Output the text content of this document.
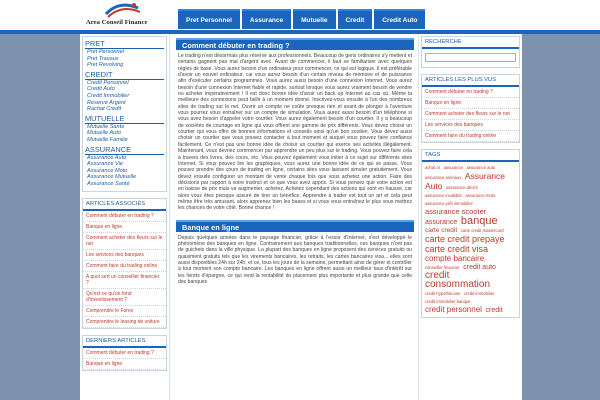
Area Conseil Finance	Pret Personnel	Assurance	Mutuelle	Credit	Credit Auto
PRET
Pret Personnel
Pret Travaux
Pret Revolving
CREDIT
Credit Personnel
Credit Auto
Credit Immobilier
Reserve Argent
Rachat Credit
MUTUELLE
Mutuelle Sante
Mutuelle Auto
Mutuelle Familie
ASSURANCE
Assurance Auto
Assurance Vie
Assurance Moto
Assurance Mutuelle
Assurance Santé
ARTICLES ASSOCIÉS
Comment débuter en trading ?
Banque en ligne
Comment acheter des fleurs sur le net
Les services des banques
Comment faire du trading online
A quoi sert un conseiller financier ?
Qu'est ce qu'un fond d'investissement ?
Comprendre le Forex
Comprendre le leasing de voiture
DERNIERS ARTICLES
Comment débuter en trading ?
Banque en ligne
Comment débuter en trading ?
Le trading n'est désormais plus réservé aux professionnels. Beaucoup de gens ordinaires s'y mettent et certains gagnent pas mal d'argent avec. Avant de commencer, il faut se familiariser avec quelques règles de base. Vous aurez besoin d'un ordinateur pour commencer, ce qui est logique. Il est préférable d'avoir un nouvel ordinateur, car vous aurez besoin d'un certain niveau de mémoire et de puissance afin d'exécuter certains programmes. Vous aurez aussi besoin d'une connexion Internet. Vous aurez besoin d'une connexion Internet fiable et rapide, surtout lorsque vous aurez vraiment besoin de vendre ou acheter impérativement ! Il est donc bonne idée d'avoir un back up Internet au cas où. Même la meilleure des connexions peut faillir à un moment donné. Inscrivez-vous ensuite à l'un des nombreux sites de trading sur le net. Ouvrir un compte ne coûte presque rien et avant de plonger à l'aventure vous pourrez vous entraîner sur un compte de simulation. Vous aurez aussi besoin d'un téléphone si vous avez besoin d'appeler votre courtier. Vous aurez également besoin d'un courtier. Il y a beaucoup de sociétés de courtage en ligne qui vous offrent une gamme de prix différents. Vous devez choisir un courtier qui vous offre de bonnes informations et conseils ainsi qu'un bon soutien. Vous devez aussi choisir un courtier que vous pouvez contacter à tout moment et auquel vous pouvez faire confiance facilement. Ce n'est pas une bonne idée de choisir un courtier qui exerce ses activités illégalement. Maintenant, vous devriez commencer par apprendre un peu plus sur le trading. Vous pouvez faire cela à travers des livres, des cours, etc. Vous pouvez également vous initier à ce sujet sur différents sites Internet. Si vous pouvez lire les graphiques, vous aurez une bonne idée de ce qui se passe. Vous pouvez prendre des cours de trading en ligne, certains sites vous laissent simuler gratuitement. Vous devez ensuite configurer un montant de vente chaque fois que vous achetez une action. Faire des décisions par rapport à votre instinct et ce que vous avez appris. Si vous pensez que votre action est en baisse de prix mais va augmenter, achetez. Achetez cependant des actions qui sont en hausse, car alors vous êtes presque assuré de tirer un bénéfice. Apprendre à trader est tout un art et cela peut même être très amusant, alors apprenez bien les bases et si vous vous entraînez le plus vous mettrez les chances de votre côté. Bonne chance !
Banque en ligne
Depuis quelques années dans le paysage financier, grâce à l'essor d'Internet, s'est développé le phénomène des banques en ligne. Contrairement aux banques traditionnelles, ces banques n'ont pas de guichets dans la ville physique. La plupart des banques en ligne proposent des services gratuits ou quasiment gratuits tels que les virements bancaires, les retraits, les cartes bancaires visa... elles sont aussi disponibles 24h sur 24h, et ce, tous les jours de la semaine, permettant ainsi de gérer et contrôler à tout moment son compte bancaire. Les banques en ligne offrent aussi un meilleur taux d'intérêt sur les livrets d'épargne, ce qui rend la rentabilité du placement plus importante et plus grande que celle des banques
RECHERCHE
ARTICLES LES PLUS VUS
Comment débuter en trading ?
Banque en ligne
Comment acheter des fleurs sur le net
Les services des banques
Comment faire du trading online
TAGS
achat or assurance assurance auto assurance animaux Assurance Auto assurance décès assurance invalidité assurance moto assurance prêt immobilier assurance scooter assurance banque carte credit carte credit mastercard carte credit prepaye carte credit visa compte bancaire conseiller financier credit auto credit consommation credit hypothécaire credit immobilier credit immobilier banque credit personnel credit
